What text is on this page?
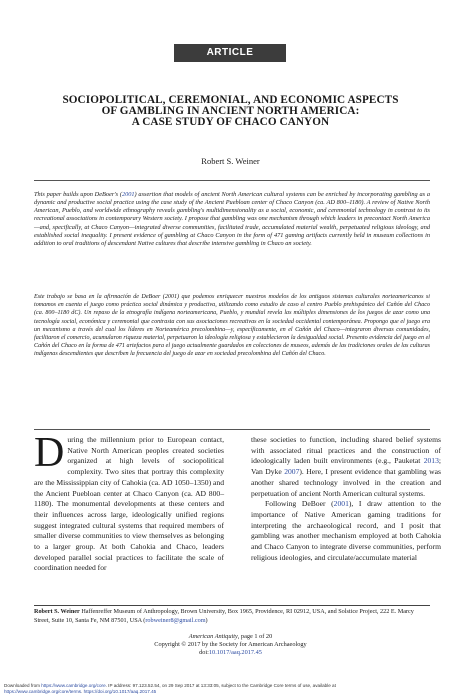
ARTICLE
SOCIOPOLITICAL, CEREMONIAL, AND ECONOMIC ASPECTS
OF GAMBLING IN ANCIENT NORTH AMERICA:
A CASE STUDY OF CHACO CANYON
Robert S. Weiner
This paper builds upon DeBoer's (2001) assertion that models of ancient North American cultural systems can be enriched by incorporating gambling as a dynamic and productive social practice using the case study of the Ancient Puebloan center of Chaco Canyon (ca. AD 800–1180). A review of Native North American, Pueblo, and worldwide ethnography reveals gambling's multidimensionality as a social, economic, and ceremonial technology in contrast to its recreational associations in contemporary Western society. I propose that gambling was one mechanism through which leaders in precontact North America—and, specifically, at Chaco Canyon—integrated diverse communities, facilitated trade, accumulated material wealth, perpetuated religious ideology, and established social inequality. I present evidence of gambling at Chaco Canyon in the form of 471 gaming artifacts currently held in museum collections in addition to oral traditions of descendant Native cultures that describe intensive gambling in Chaco an society.
Este trabajo se basa en la afirmación de DeBoer (2001) que podemos enriquecer nuestros modelos de los antiguos sistemas culturales norteamericanos si tomamos en cuenta el juego como práctica social dinámica y productiva, utilizando como estudio de caso el centro Pueblo prehispánico del Cañón del Chaco (ca. 800–1180 dC). Un repaso de la etnografía indígena norteamericana, Pueblo, y mundial revela las múltiples dimensiones de los juegos de azar como una tecnología social, económica y ceremonial que contrasta con sus asociaciones recreativas en la sociedad occidental contemporánea. Propongo que el juego era un mecanismo a través del cual los líderes en Norteamérica precolombina—y, específicamente, en el Cañón del Chaco—integraron diversas comunidades, facilitaron el comercio, acumularon riqueza material, perpetuaron la ideología religiosa y establecieron la desigualdad social. Presento evidencia del juego en el Cañón del Chaco en la forma de 471 artefactos para el juego actualmente guardados en colecciones de museos, además de las tradiciones orales de las culturas indígenas descendientes que describen la frecuencia del juego de azar en sociedad precolombina del Cañón del Chaco.
During the millennium prior to European contact, Native North American peoples created societies organized at high levels of sociopolitical complexity. Two sites that portray this complexity are the Mississippian city of Cahokia (ca. AD 1050–1350) and the Ancient Puebloan center at Chaco Canyon (ca. AD 800–1180). The monumental developments at these centers and their influences across large, ideologically unified regions suggest integrated cultural systems that required members of smaller diverse communities to view themselves as belonging to a larger group. At both Cahokia and Chaco, leaders developed parallel social practices to facilitate the scale of coordination needed for
these societies to function, including shared belief systems with associated ritual practices and the construction of ideologically laden built environments (e.g., Pauketat 2013; Van Dyke 2007). Here, I present evidence that gambling was another shared technology involved in the creation and perpetuation of ancient North American cultural systems.
Following DeBoer (2001), I draw attention to the importance of Native American gaming traditions for interpreting the archaeological record, and I posit that gambling was another mechanism employed at both Cahokia and Chaco Canyon to integrate diverse communities, perform religious ideologies, and circulate/accumulate material
Robert S. Weiner Haffenreffer Museum of Anthropology, Brown University, Box 1965, Providence, RI 02912, USA, and Solstice Project, 222 E. Marcy Street, Suite 10, Santa Fe, NM 87501, USA (robweiner8@gmail.com)
American Antiquity, page 1 of 20
Copyright © 2017 by the Society for American Archaeology
doi:10.1017/aaq.2017.45
Downloaded from https://www.cambridge.org/core. IP address: 97.123.52.54, on 29 Sep 2017 at 13:33:05, subject to the Cambridge Core terms of use, available at
https://www.cambridge.org/core/terms. https://doi.org/10.1017/aaq.2017.45
